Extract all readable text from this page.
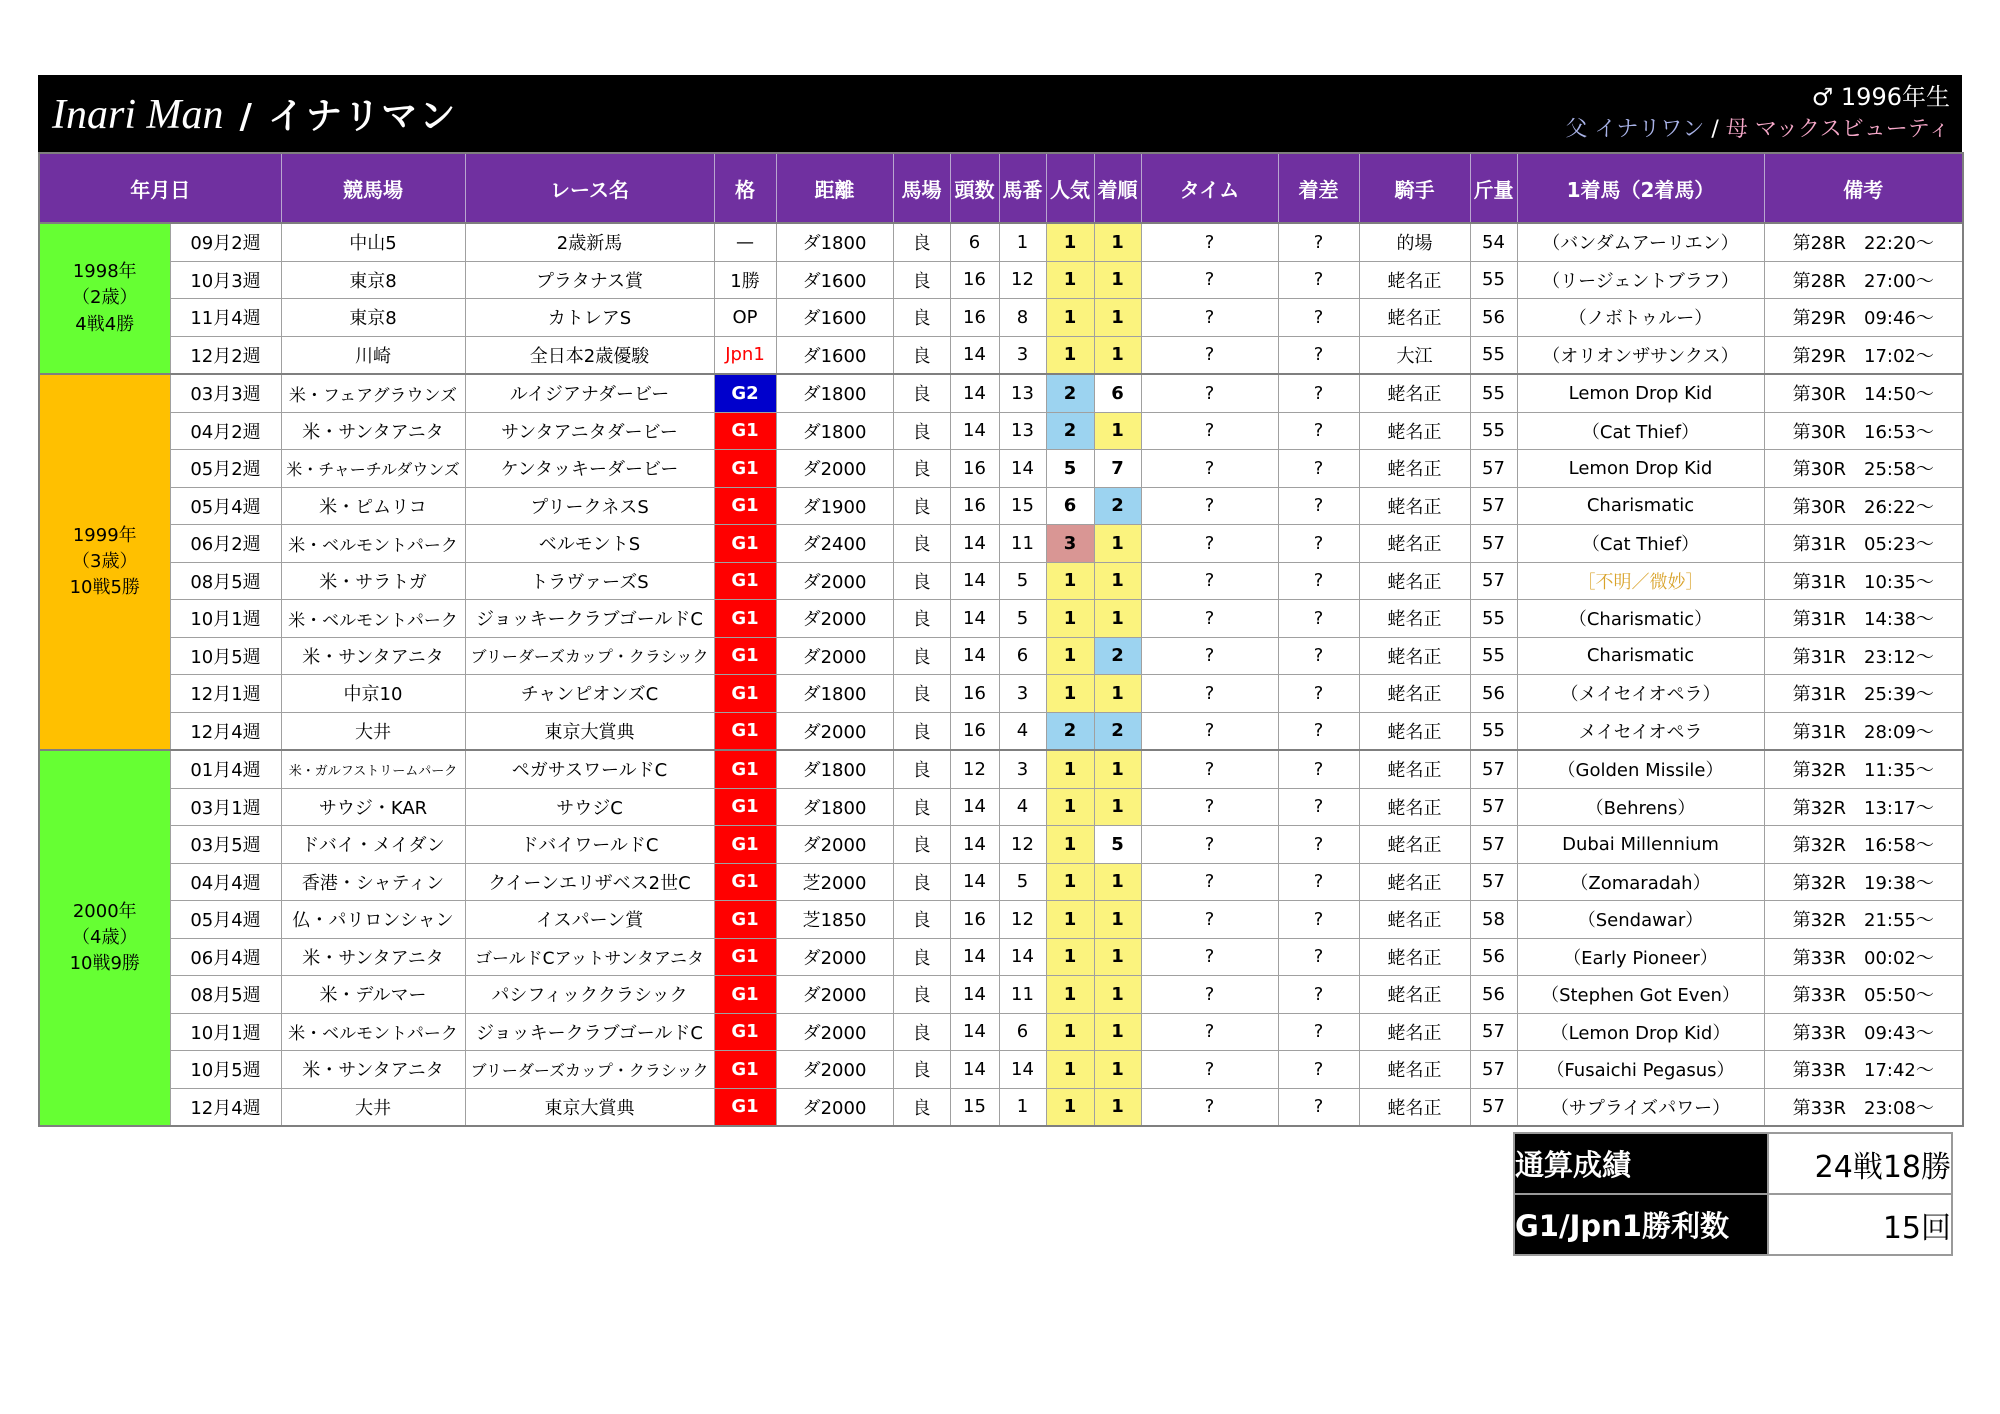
Inari Man / イナリマン	♂ 1996年生
父 イナリワン / 母 マックスビューティ
年月日		競馬場	レース名	格	距離	馬場	頭数	馬番	人気	着順	タイム	着差	騎手	斤量	1着馬（2着馬）	備考
1998年
（2歳）
4戦4勝	09月2週	中山5	2歳新馬	—	ダ1800	良	6	1	1	1	?	?	的場	54	（バンダムアーリエン）	第28R　22:20～
	10月3週	東京8	プラタナス賞	1勝	ダ1600	良	16	12	1	1	?	?	蛯名正	55	（リージェントブラフ）	第28R　27:00～
	11月4週	東京8	カトレアS	OP	ダ1600	良	16	8	1	1	?	?	蛯名正	56	（ノボトゥルー）	第29R　09:46～
	12月2週	川崎	全日本2歳優駿	Jpn1	ダ1600	良	14	3	1	1	?	?	大江	55	（オリオンザサンクス）	第29R　17:02～
1999年
（3歳）
10戦5勝	03月3週	米・フェアグラウンズ	ルイジアナダービー	G2	ダ1800	良	14	13	2	6	?	?	蛯名正	55	Lemon Drop Kid	第30R　14:50～
	04月2週	米・サンタアニタ	サンタアニタダービー	G1	ダ1800	良	14	13	2	1	?	?	蛯名正	55	（Cat Thief）	第30R　16:53～
	05月2週	米・チャーチルダウンズ	ケンタッキーダービー	G1	ダ2000	良	16	14	5	7	?	?	蛯名正	57	Lemon Drop Kid	第30R　25:58～
	05月4週	米・ピムリコ	プリークネスS	G1	ダ1900	良	16	15	6	2	?	?	蛯名正	57	Charismatic	第30R　26:22～
	06月2週	米・ベルモントパーク	ベルモントS	G1	ダ2400	良	14	11	3	1	?	?	蛯名正	57	（Cat Thief）	第31R　05:23～
	08月5週	米・サラトガ	トラヴァーズS	G1	ダ2000	良	14	5	1	1	?	?	蛯名正	57	［不明／微妙］	第31R　10:35～
	10月1週	米・ベルモントパーク	ジョッキークラブゴールドC	G1	ダ2000	良	14	5	1	1	?	?	蛯名正	55	（Charismatic）	第31R　14:38～
	10月5週	米・サンタアニタ	ブリーダーズカップ・クラシック	G1	ダ2000	良	14	6	1	2	?	?	蛯名正	55	Charismatic	第31R　23:12～
	12月1週	中京10	チャンピオンズC	G1	ダ1800	良	16	3	1	1	?	?	蛯名正	56	（メイセイオペラ）	第31R　25:39～
	12月4週	大井	東京大賞典	G1	ダ2000	良	16	4	2	2	?	?	蛯名正	55	メイセイオペラ	第31R　28:09～
2000年
（4歳）
10戦9勝	01月4週	米・ガルフストリームパーク	ペガサスワールドC	G1	ダ1800	良	12	3	1	1	?	?	蛯名正	57	（Golden Missile）	第32R　11:35～
	03月1週	サウジ・KAR	サウジC	G1	ダ1800	良	14	4	1	1	?	?	蛯名正	57	（Behrens）	第32R　13:17～
	03月5週	ドバイ・メイダン	ドバイワールドC	G1	ダ2000	良	14	12	1	5	?	?	蛯名正	57	Dubai Millennium	第32R　16:58～
	04月4週	香港・シャティン	クイーンエリザベス2世C	G1	芝2000	良	14	5	1	1	?	?	蛯名正	57	（Zomaradah）	第32R　19:38～
	05月4週	仏・パリロンシャン	イスパーン賞	G1	芝1850	良	16	12	1	1	?	?	蛯名正	58	（Sendawar）	第32R　21:55～
	06月4週	米・サンタアニタ	ゴールドCアットサンタアニタ	G1	ダ2000	良	14	14	1	1	?	?	蛯名正	56	（Early Pioneer）	第33R　00:02～
	08月5週	米・デルマー	パシフィッククラシック	G1	ダ2000	良	14	11	1	1	?	?	蛯名正	56	（Stephen Got Even）	第33R　05:50～
	10月1週	米・ベルモントパーク	ジョッキークラブゴールドC	G1	ダ2000	良	14	6	1	1	?	?	蛯名正	57	（Lemon Drop Kid）	第33R　09:43～
	10月5週	米・サンタアニタ	ブリーダーズカップ・クラシック	G1	ダ2000	良	14	14	1	1	?	?	蛯名正	57	（Fusaichi Pegasus）	第33R　17:42～
	12月4週	大井	東京大賞典	G1	ダ2000	良	15	1	1	1	?	?	蛯名正	57	（サプライズパワー）	第33R　23:08～
通算成績	24戦18勝
G1/Jpn1勝利数	15回
